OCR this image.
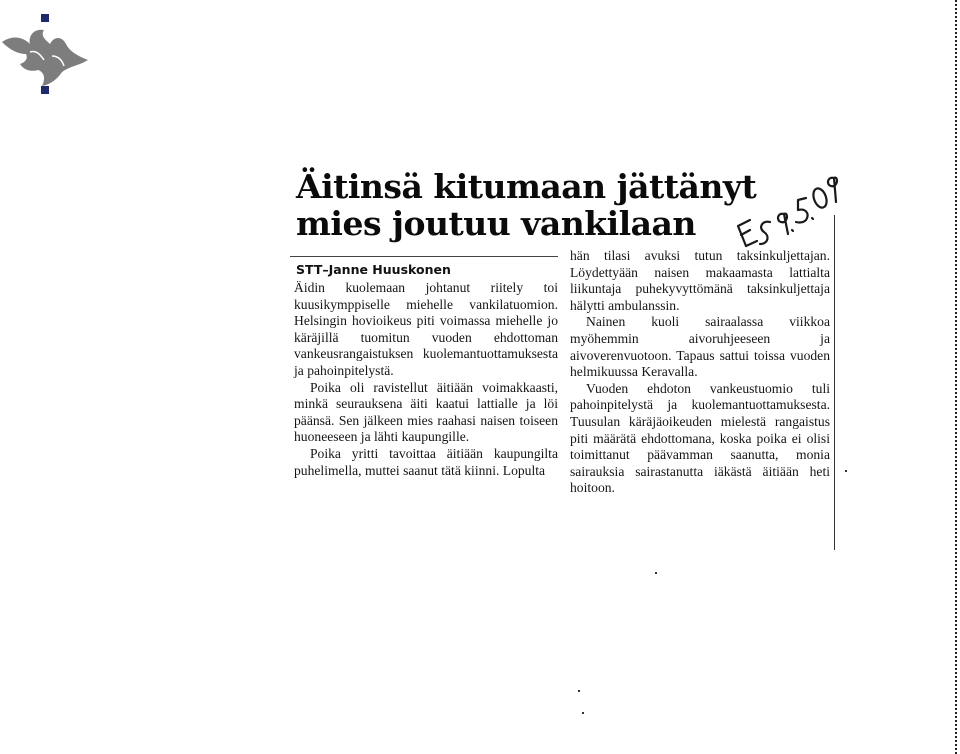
Äitinsä kitumaan jättänyt
mies joutuu vankilaan
STT–Janne Huuskonen

Äidin kuolemaan johtanut riitely toi kuusikymppiselle miehelle vankilatuomion. Helsingin hovioikeus piti voimassa miehelle jo käräjillä tuomitun vuoden ehdottoman vankeusrangaistuksen kuolemantuottamuksesta ja pahoinpitelystä.

Poika oli ravistellut äitiään voimakkaasti, minkä seurauksena äiti kaatui lattialle ja löi päänsä. Sen jälkeen mies raahasi naisen toiseen huoneeseen ja lähti kaupungille.

Poika yritti tavoittaa äitiään kaupungilta puhelimella, muttei saanut tätä kiinni. Lopulta

hän tilasi avuksi tutun taksinkuljettajan. Löydettyään naisen makaamasta lattialta liikuntaja puhekyvyttömänä taksinkuljettaja hälytti ambulanssin.

Nainen kuoli sairaalassa viikkoa myöhemmin aivoruhjeeseen ja aivoverenvuotoon. Tapaus sattui toissa vuoden helmikuussa Keravalla.

Vuoden ehdoton vankeustuomio tuli pahoinpitelystä ja kuolemantuottamuksesta. Tuusulan käräjäoikeuden mielestä rangaistus piti määrätä ehdottomana, koska poika ei olisi toimittanut päävamman saanutta, monia sairauksia sairastanutta iäkästä äitiään heti hoitoon.
